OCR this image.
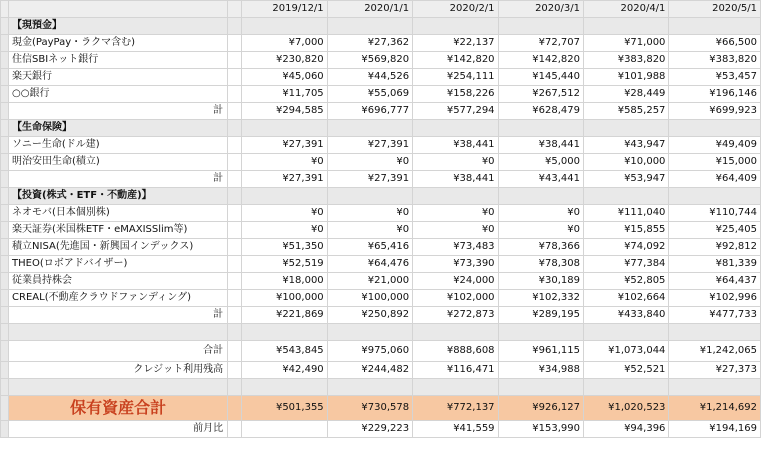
			2019/12/1	2020/1/1	2020/2/1	2020/3/1	2020/4/1	2020/5/1
	【現預金】							
	現金(PayPay・ラクマ含む)		¥7,000	¥27,362	¥22,137	¥72,707	¥71,000	¥66,500
	住信SBIネット銀行		¥230,820	¥569,820	¥142,820	¥142,820	¥383,820	¥383,820
	楽天銀行		¥45,060	¥44,526	¥254,111	¥145,440	¥101,988	¥53,457
	○○銀行		¥11,705	¥55,069	¥158,226	¥267,512	¥28,449	¥196,146
	計		¥294,585	¥696,777	¥577,294	¥628,479	¥585,257	¥699,923
	【生命保険】							
	ソニー生命(ドル建)		¥27,391	¥27,391	¥38,441	¥38,441	¥43,947	¥49,409
	明治安田生命(積立)		¥0	¥0	¥0	¥5,000	¥10,000	¥15,000
	計		¥27,391	¥27,391	¥38,441	¥43,441	¥53,947	¥64,409
	【投資(株式・ETF・不動産)】							
	ネオモバ(日本個別株)		¥0	¥0	¥0	¥0	¥111,040	¥110,744
	楽天証券(米国株ETF・eMAXISSlim等)		¥0	¥0	¥0	¥0	¥15,855	¥25,405
	積立NISA(先進国・新興国インデックス)		¥51,350	¥65,416	¥73,483	¥78,366	¥74,092	¥92,812
	THEO(ロボアドバイザー)		¥52,519	¥64,476	¥73,390	¥78,308	¥77,384	¥81,339
	従業員持株会		¥18,000	¥21,000	¥24,000	¥30,189	¥52,805	¥64,437
	CREAL(不動産クラウドファンディング)		¥100,000	¥100,000	¥102,000	¥102,332	¥102,664	¥102,996
	計		¥221,869	¥250,892	¥272,873	¥289,195	¥433,840	¥477,733

	合計		¥543,845	¥975,060	¥888,608	¥961,115	¥1,073,044	¥1,242,065
	クレジット利用残高		¥42,490	¥244,482	¥116,471	¥34,988	¥52,521	¥27,373

	保有資産合計		¥501,355	¥730,578	¥772,137	¥926,127	¥1,020,523	¥1,214,692
	前月比			¥229,223	¥41,559	¥153,990	¥94,396	¥194,169
